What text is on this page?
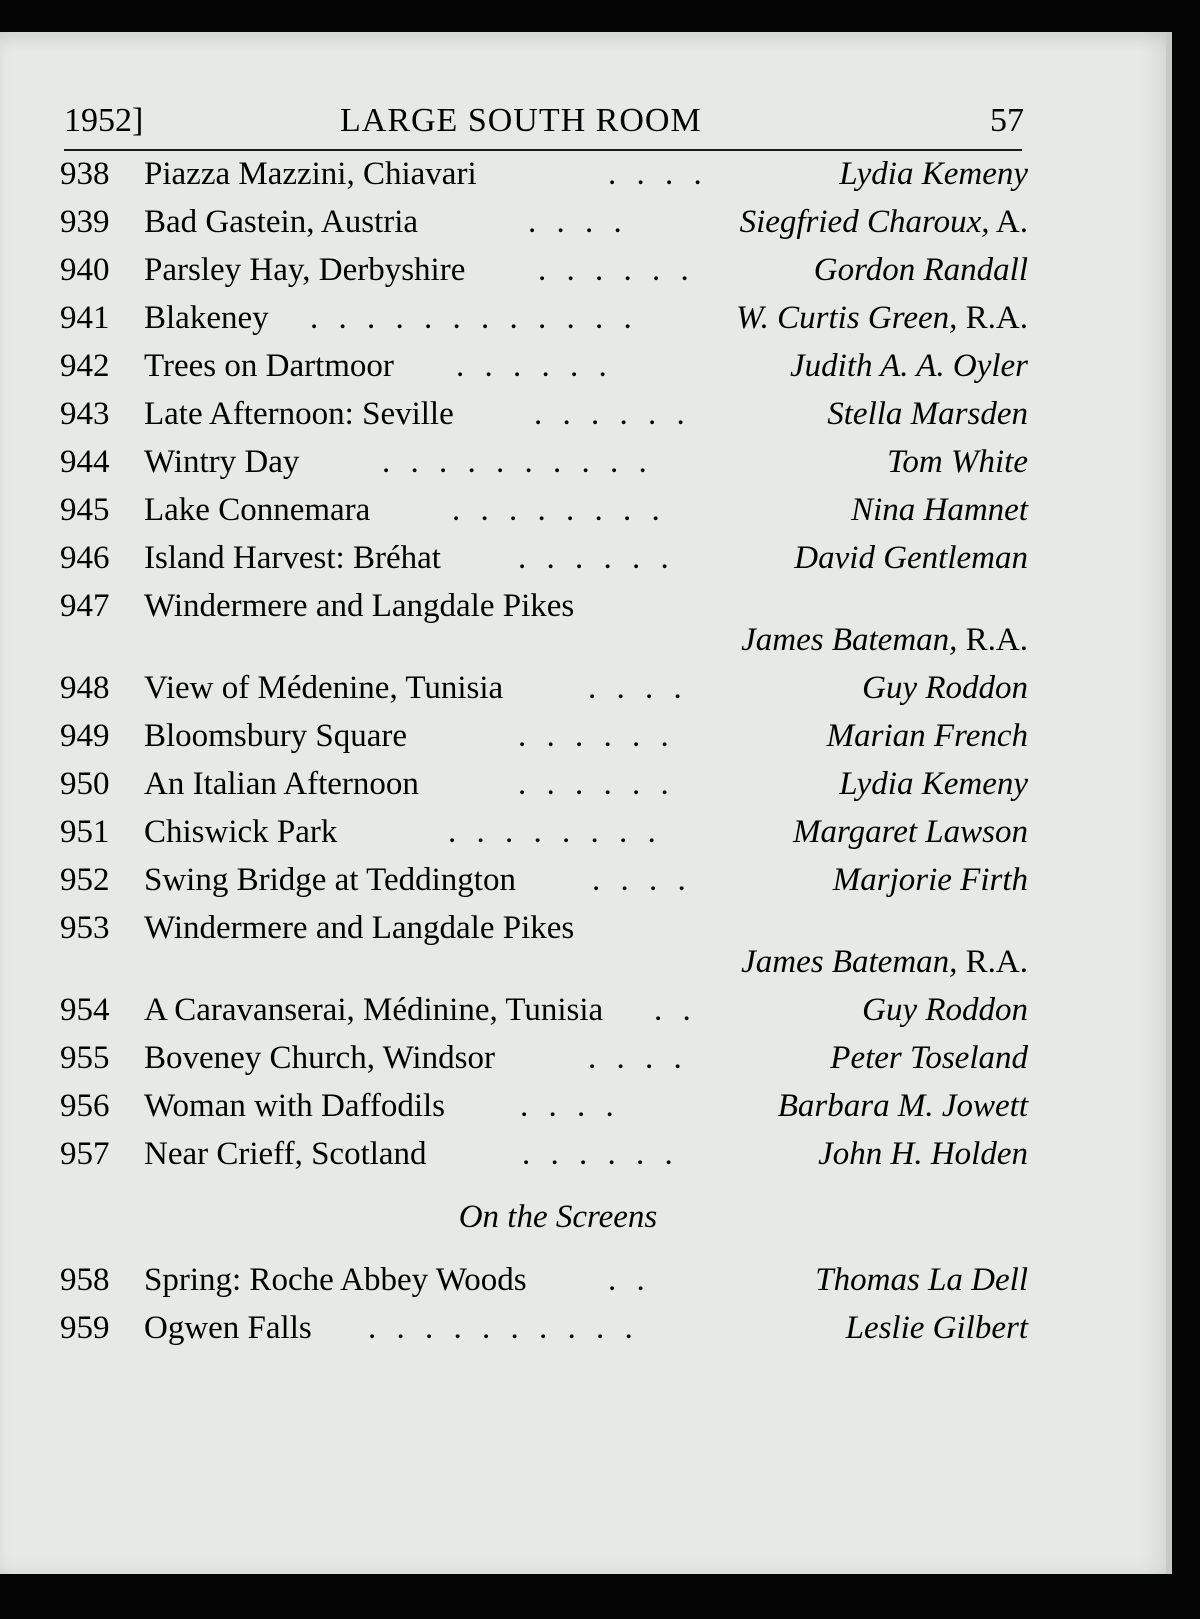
1952]	LARGE SOUTH ROOM	57
938	Piazza Mazzini, Chiavari	. . . .	Lydia Kemeny
939	Bad Gastein, Austria	. . . .	Siegfried Charoux, A.
940	Parsley Hay, Derbyshire . . . . . .	Gordon Randall
941	Blakeney . . . . . . . . . . . .	W. Curtis Green, R.A.
942	Trees on Dartmoor . . . . . .	Judith A. A. Oyler
943	Late Afternoon: Seville . . . . . .	Stella Marsden
944	Wintry Day	. . . . . . . . . .	Tom White
945	Lake Connemara . . . . . . . .	Nina Hamnet
946	Island Harvest: Bréhat . . . . . .	David Gentleman
947	Windermere and Langdale Pikes
James Bateman, R.A.
948	View of Médenine, Tunisia	. . . .	Guy Roddon
949	Bloomsbury Square	. . . . . .	Marian French
950	An Italian Afternoon	. . . . . .	Lydia Kemeny
951	Chiswick Park	. . . . . . . .	Margaret Lawson
952	Swing Bridge at Teddington . . . .	Marjorie Firth
953	Windermere and Langdale Pikes
James Bateman, R.A.
954	A Caravanserai, Médinine, Tunisia . .	Guy Roddon
955	Boveney Church, Windsor	. . . .	Peter Toseland
956	Woman with Daffodils . . . .	Barbara M. Jowett
957	Near Crieff, Scotland	. . . . . .	John H. Holden
On the Screens
958	Spring: Roche Abbey Woods . .	Thomas La Dell
959	Ogwen Falls . . . . . . . . . .	Leslie Gilbert
